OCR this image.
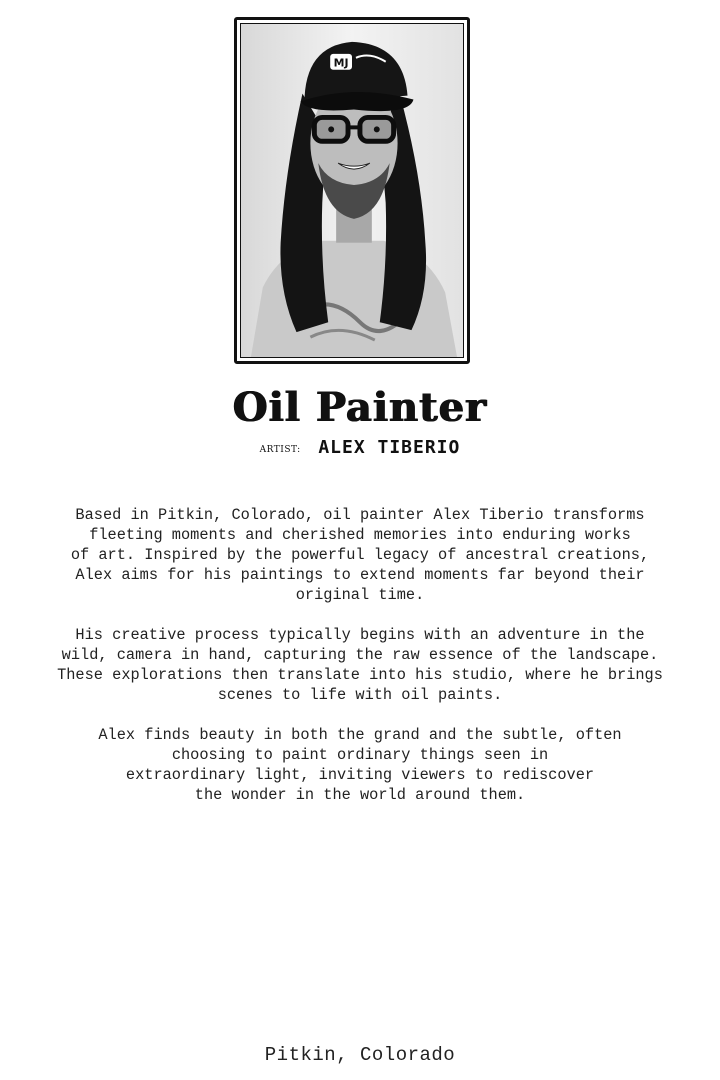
MJ
Oil Painter
ARTIST: ALEX TIBERIO

Based in Pitkin, Colorado, oil painter Alex Tiberio transforms
fleeting moments and cherished memories into enduring works
of art. Inspired by the powerful legacy of ancestral creations,
Alex aims for his paintings to extend moments far beyond their
original time.

His creative process typically begins with an adventure in the
wild, camera in hand, capturing the raw essence of the landscape.
These explorations then translate into his studio, where he brings
scenes to life with oil paints.

Alex finds beauty in both the grand and the subtle, often
choosing to paint ordinary things seen in
extraordinary light, inviting viewers to rediscover
the wonder in the world around them.

Pitkin, Colorado
